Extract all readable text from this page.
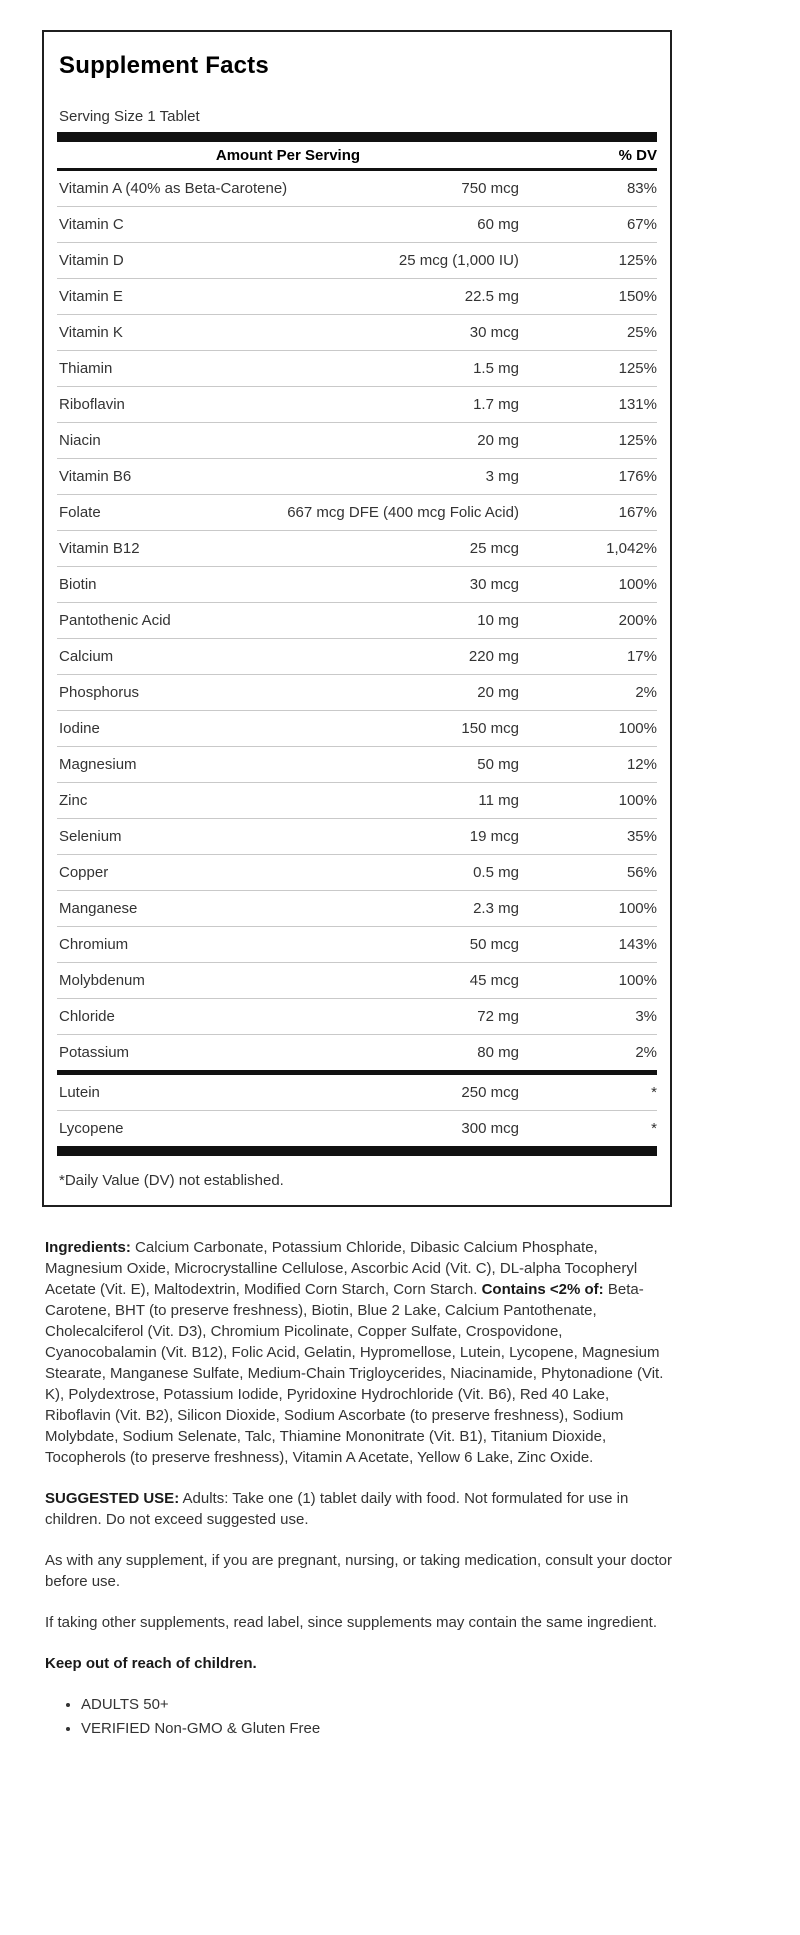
Supplement Facts
Serving Size 1 Tablet
Amount Per Serving		% DV
Vitamin A (40% as Beta-Carotene)	750 mcg	83%
Vitamin C	60 mg	67%
Vitamin D	25 mcg (1,000 IU)	125%
Vitamin E	22.5 mg	150%
Vitamin K	30 mcg	25%
Thiamin	1.5 mg	125%
Riboflavin	1.7 mg	131%
Niacin	20 mg	125%
Vitamin B6	3 mg	176%
Folate	667 mcg DFE (400 mcg Folic Acid)	167%
Vitamin B12	25 mcg	1,042%
Biotin	30 mcg	100%
Pantothenic Acid	10 mg	200%
Calcium	220 mg	17%
Phosphorus	20 mg	2%
Iodine	150 mcg	100%
Magnesium	50 mg	12%
Zinc	11 mg	100%
Selenium	19 mcg	35%
Copper	0.5 mg	56%
Manganese	2.3 mg	100%
Chromium	50 mcg	143%
Molybdenum	45 mcg	100%
Chloride	72 mg	3%
Potassium	80 mg	2%
Lutein	250 mcg	*
Lycopene	300 mcg	*
*Daily Value (DV) not established.

Ingredients: Calcium Carbonate, Potassium Chloride, Dibasic Calcium Phosphate, Magnesium Oxide, Microcrystalline Cellulose, Ascorbic Acid (Vit. C), DL-alpha Tocopheryl Acetate (Vit. E), Maltodextrin, Modified Corn Starch, Corn Starch. Contains <2% of: Beta-Carotene, BHT (to preserve freshness), Biotin, Blue 2 Lake, Calcium Pantothenate, Cholecalciferol (Vit. D3), Chromium Picolinate, Copper Sulfate, Crospovidone, Cyanocobalamin (Vit. B12), Folic Acid, Gelatin, Hypromellose, Lutein, Lycopene, Magnesium Stearate, Manganese Sulfate, Medium-Chain Trigloycerides, Niacinamide, Phytonadione (Vit. K), Polydextrose, Potassium Iodide, Pyridoxine Hydrochloride (Vit. B6), Red 40 Lake, Riboflavin (Vit. B2), Silicon Dioxide, Sodium Ascorbate (to preserve freshness), Sodium Molybdate, Sodium Selenate, Talc, Thiamine Mononitrate (Vit. B1), Titanium Dioxide, Tocopherols (to preserve freshness), Vitamin A Acetate, Yellow 6 Lake, Zinc Oxide.

SUGGESTED USE: Adults: Take one (1) tablet daily with food. Not formulated for use in children. Do not exceed suggested use.

As with any supplement, if you are pregnant, nursing, or taking medication, consult your doctor before use.

If taking other supplements, read label, since supplements may contain the same ingredient.

Keep out of reach of children.

• ADULTS 50+
• VERIFIED Non-GMO & Gluten Free
